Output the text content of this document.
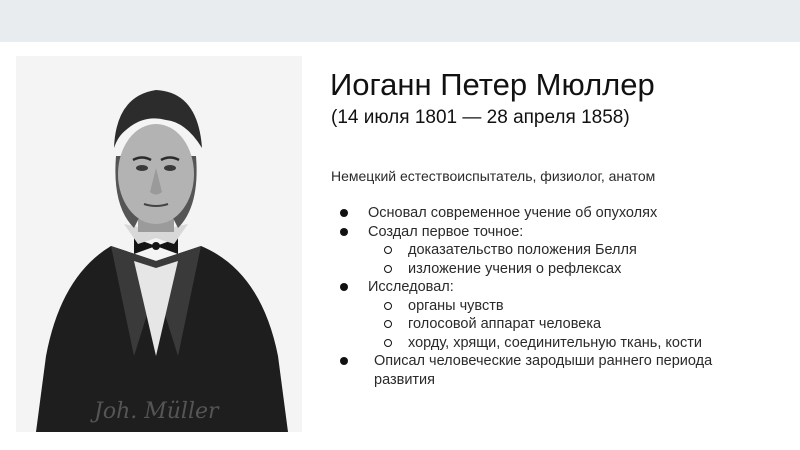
Joh. Müller
Иоганн Петер Мюллер
(14 июля 1801 — 28 апреля 1858)
Немецкий естествоиспытатель, физиолог, анатом
Основал современное учение об опухолях
Создал первое точное:
доказательство положения Белля
изложение учения о рефлексах
Исследовал:
органы чувств
голосовой аппарат человека
хорду, хрящи, соединительную ткань, кости
Описал человеческие зародыши раннего периода развития
